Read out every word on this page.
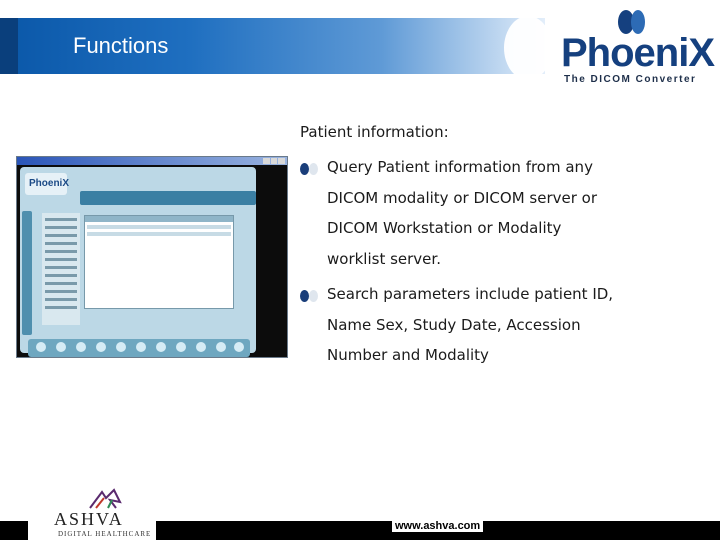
Functions	PhoeniX
The DICOM Converter
PhoeniX
Patient information:
Query Patient information from any
DICOM modality or DICOM server or
DICOM Workstation or Modality
worklist server.
Search parameters include patient ID,
Name Sex, Study Date, Accession
Number and Modality
www.ashva.com
ASHVA
DIGITAL HEALTHCARE
